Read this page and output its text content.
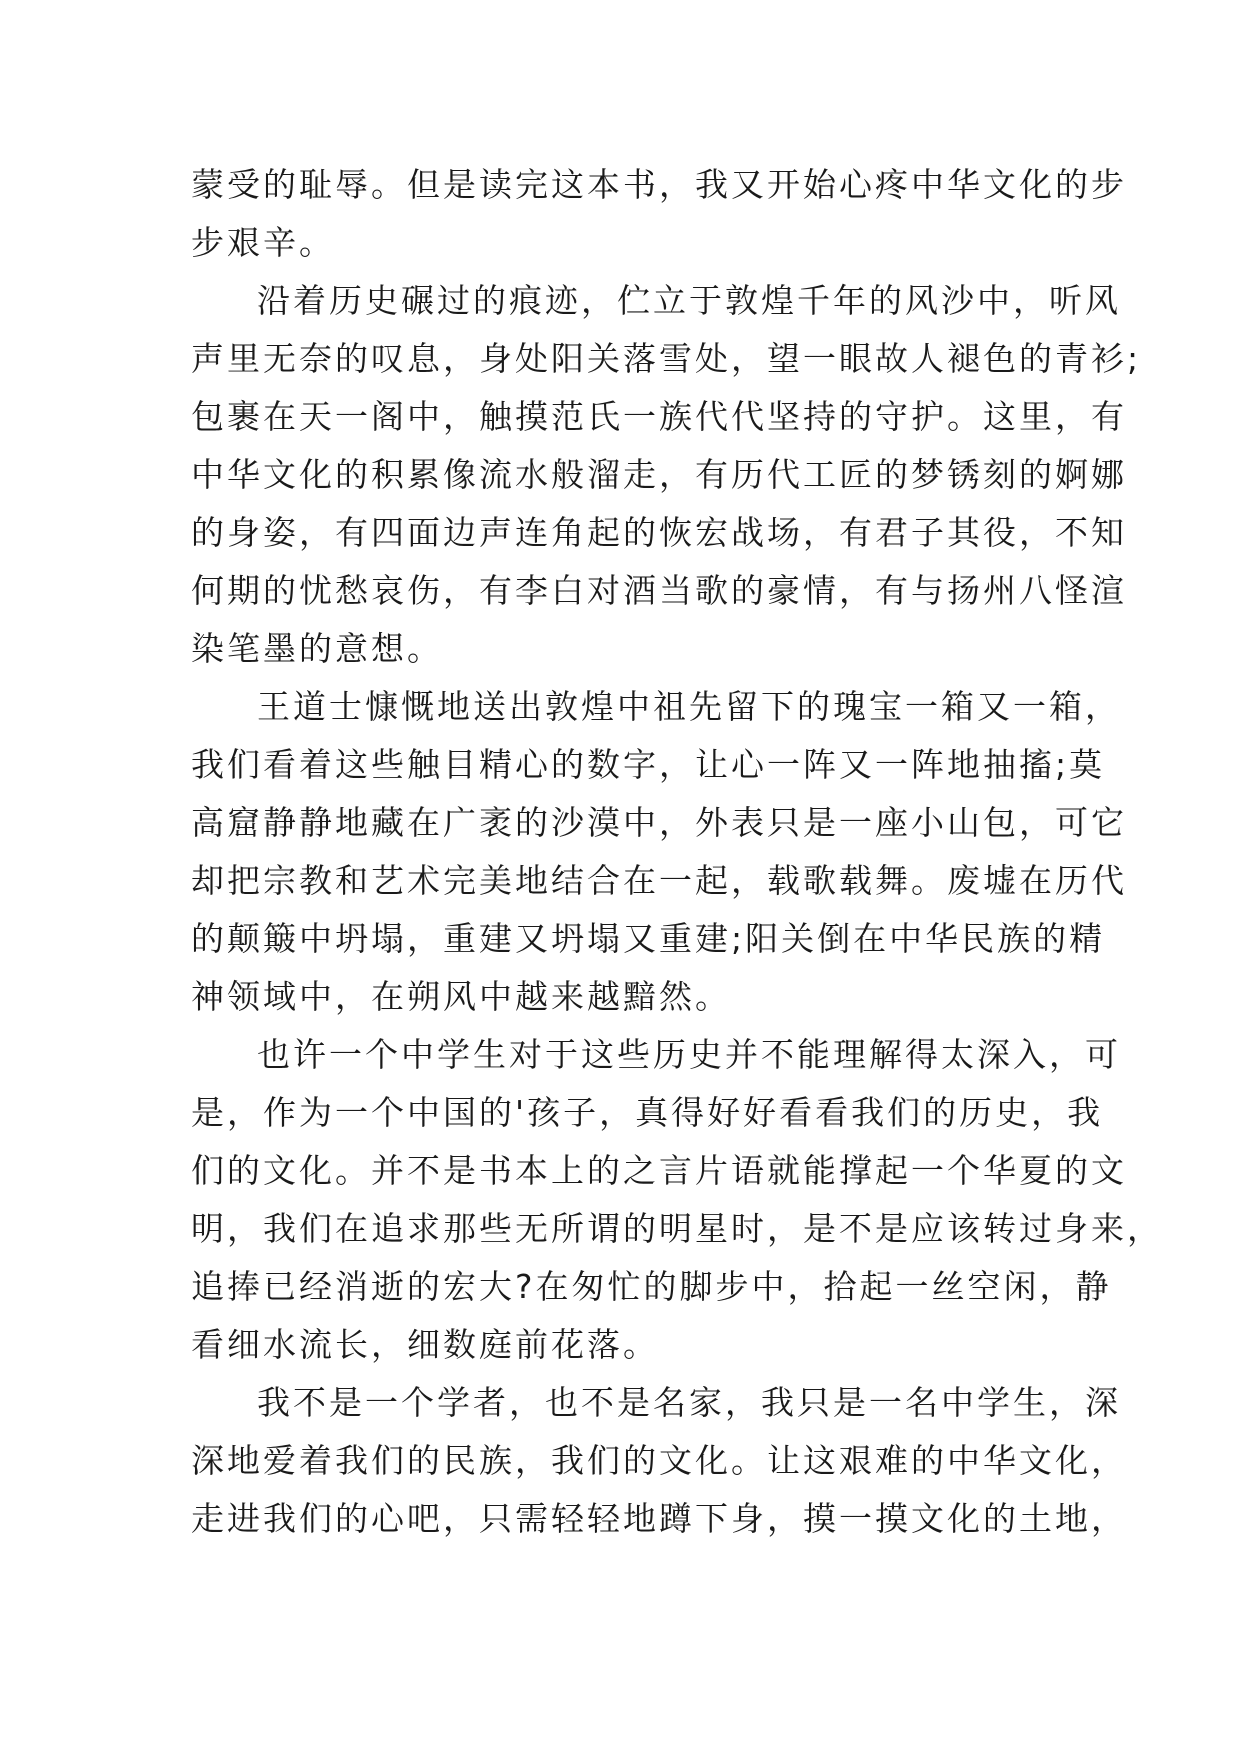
蒙受的耻辱。但是读完这本书，我又开始心疼中华文化的步
步艰辛。
沿着历史碾过的痕迹，伫立于敦煌千年的风沙中，听风
声里无奈的叹息，身处阳关落雪处，望一眼故人褪色的青衫;
包裹在天一阁中，触摸范氏一族代代坚持的守护。这里，有
中华文化的积累像流水般溜走，有历代工匠的梦锈刻的婀娜
的身姿，有四面边声连角起的恢宏战场，有君子其役，不知
何期的忧愁哀伤，有李白对酒当歌的豪情，有与扬州八怪渲
染笔墨的意想。
王道士慷慨地送出敦煌中祖先留下的瑰宝一箱又一箱，
我们看着这些触目精心的数字，让心一阵又一阵地抽搐;莫
高窟静静地藏在广袤的沙漠中，外表只是一座小山包，可它
却把宗教和艺术完美地结合在一起，载歌载舞。废墟在历代
的颠簸中坍塌，重建又坍塌又重建;阳关倒在中华民族的精
神领域中，在朔风中越来越黯然。
也许一个中学生对于这些历史并不能理解得太深入，可
是，作为一个中国的'孩子，真得好好看看我们的历史，我
们的文化。并不是书本上的之言片语就能撑起一个华夏的文
明，我们在追求那些无所谓的明星时，是不是应该转过身来，
追捧已经消逝的宏大?在匆忙的脚步中，拾起一丝空闲，静
看细水流长，细数庭前花落。
我不是一个学者，也不是名家，我只是一名中学生，深
深地爱着我们的民族，我们的文化。让这艰难的中华文化，
走进我们的心吧，只需轻轻地蹲下身，摸一摸文化的土地，
